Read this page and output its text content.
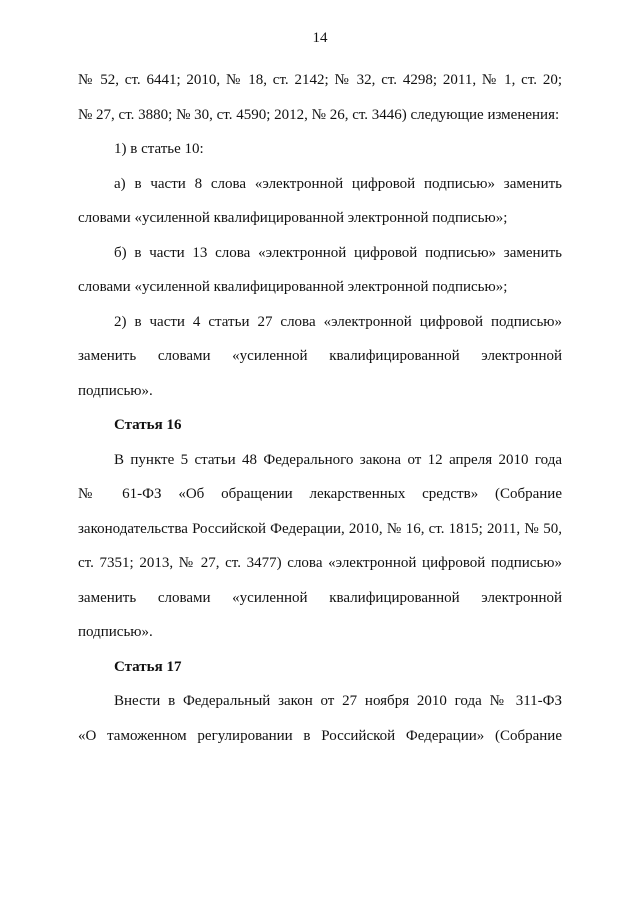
14
№ 52, ст. 6441; 2010, № 18, ст. 2142; № 32, ст. 4298; 2011, № 1, ст. 20;
№ 27, ст. 3880; № 30, ст. 4590; 2012, № 26, ст. 3446) следующие изменения:
1) в статье 10:
а) в части 8 слова «электронной цифровой подписью» заменить
словами «усиленной квалифицированной электронной подписью»;
б) в части 13 слова «электронной цифровой подписью» заменить
словами «усиленной квалифицированной электронной подписью»;
2) в части 4 статьи 27 слова «электронной цифровой подписью»
заменить словами «усиленной квалифицированной электронной
подписью».
Статья 16
В пункте 5 статьи 48 Федерального закона от 12 апреля 2010 года
№ 61-ФЗ «Об обращении лекарственных средств» (Собрание
законодательства Российской Федерации, 2010, № 16, ст. 1815; 2011, № 50,
ст. 7351; 2013, № 27, ст. 3477) слова «электронной цифровой подписью»
заменить словами «усиленной квалифицированной электронной
подписью».
Статья 17
Внести в Федеральный закон от 27 ноября 2010 года № 311-ФЗ
«О таможенном регулировании в Российской Федерации» (Собрание
